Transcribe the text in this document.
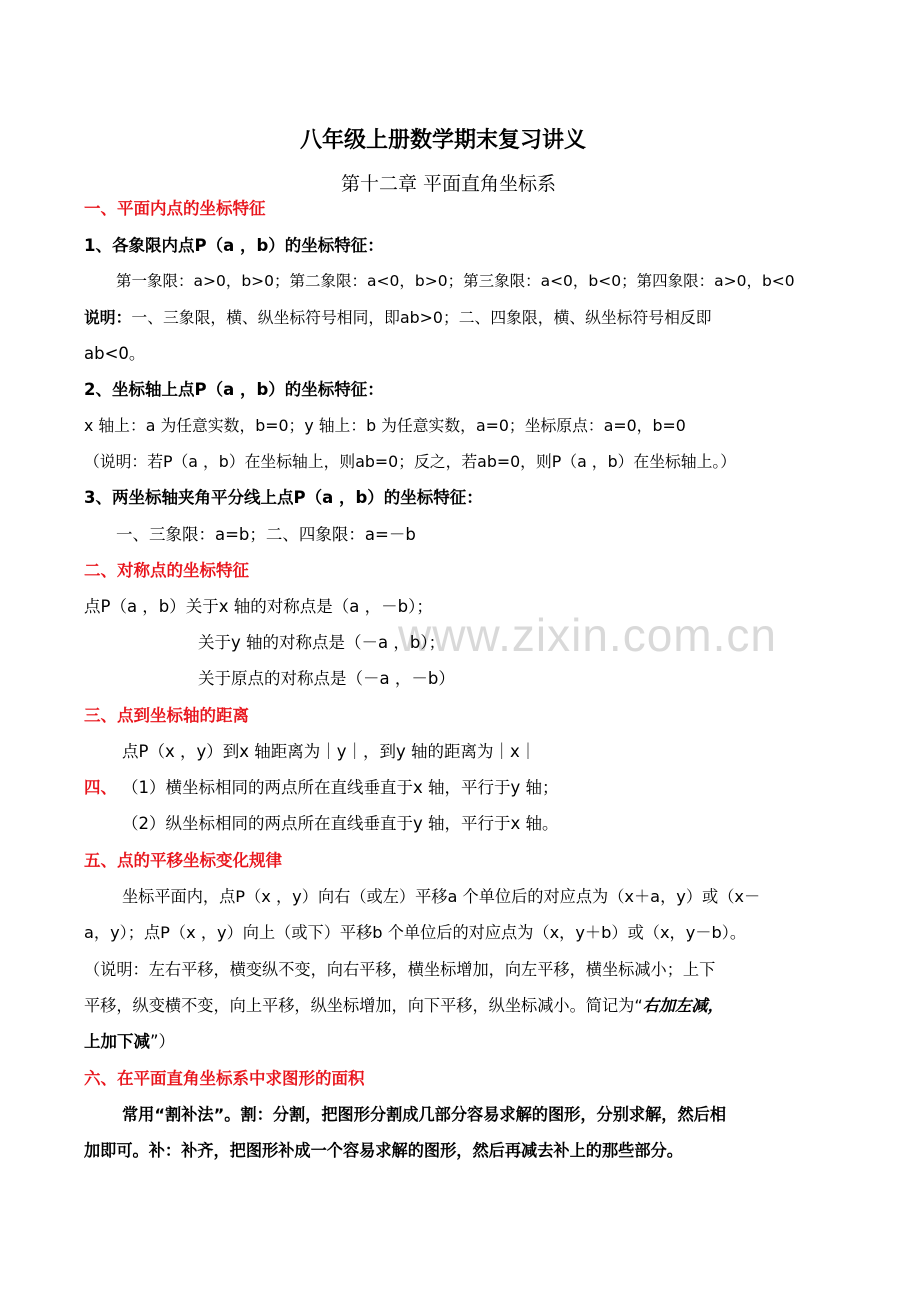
www.zixin.com.cn
八年级上册数学期末复习讲义
第十二章 平面直角坐标系
一、平面内点的坐标特征
1、各象限内点P（a ，b）的坐标特征：
第一象限：a>0，b>0；第二象限：a<0，b>0；第三象限：a<0，b<0；第四象限：a>0，b<0
说明：一、三象限，横、纵坐标符号相同，即ab>0；二、四象限，横、纵坐标符号相反即
ab<0。
2、坐标轴上点P（a ，b）的坐标特征：
x 轴上：a 为任意实数，b=0；y 轴上：b 为任意实数，a=0；坐标原点：a=0，b=0
（说明：若P（a ，b）在坐标轴上，则ab=0；反之，若ab=0，则P（a ，b）在坐标轴上。）
3、两坐标轴夹角平分线上点P（a ，b）的坐标特征：
一、三象限：a=b；二、四象限：a=－b
二、对称点的坐标特征
点P（a ，b）关于x 轴的对称点是（a ，－b）；
关于y 轴的对称点是（－a ，b）；
关于原点的对称点是（－a ，－b）
三、点到坐标轴的距离
点P（x ，y）到x 轴距离为｜y｜，到y 轴的距离为｜x｜
四、 （1）横坐标相同的两点所在直线垂直于x 轴，平行于y 轴；
（2）纵坐标相同的两点所在直线垂直于y 轴，平行于x 轴。
五、点的平移坐标变化规律
坐标平面内，点P（x ，y）向右（或左）平移a 个单位后的对应点为（x＋a，y）或（x－
a，y）；点P（x ，y）向上（或下）平移b 个单位后的对应点为（x，y＋b）或（x，y－b）。
（说明：左右平移，横变纵不变，向右平移，横坐标增加，向左平移，横坐标减小；上下
平移，纵变横不变，向上平移，纵坐标增加，向下平移，纵坐标减小。简记为“右加左减，
上加下减”）
六、在平面直角坐标系中求图形的面积
常用“割补法”。割：分割，把图形分割成几部分容易求解的图形，分别求解，然后相
加即可。补：补齐，把图形补成一个容易求解的图形，然后再减去补上的那些部分。
